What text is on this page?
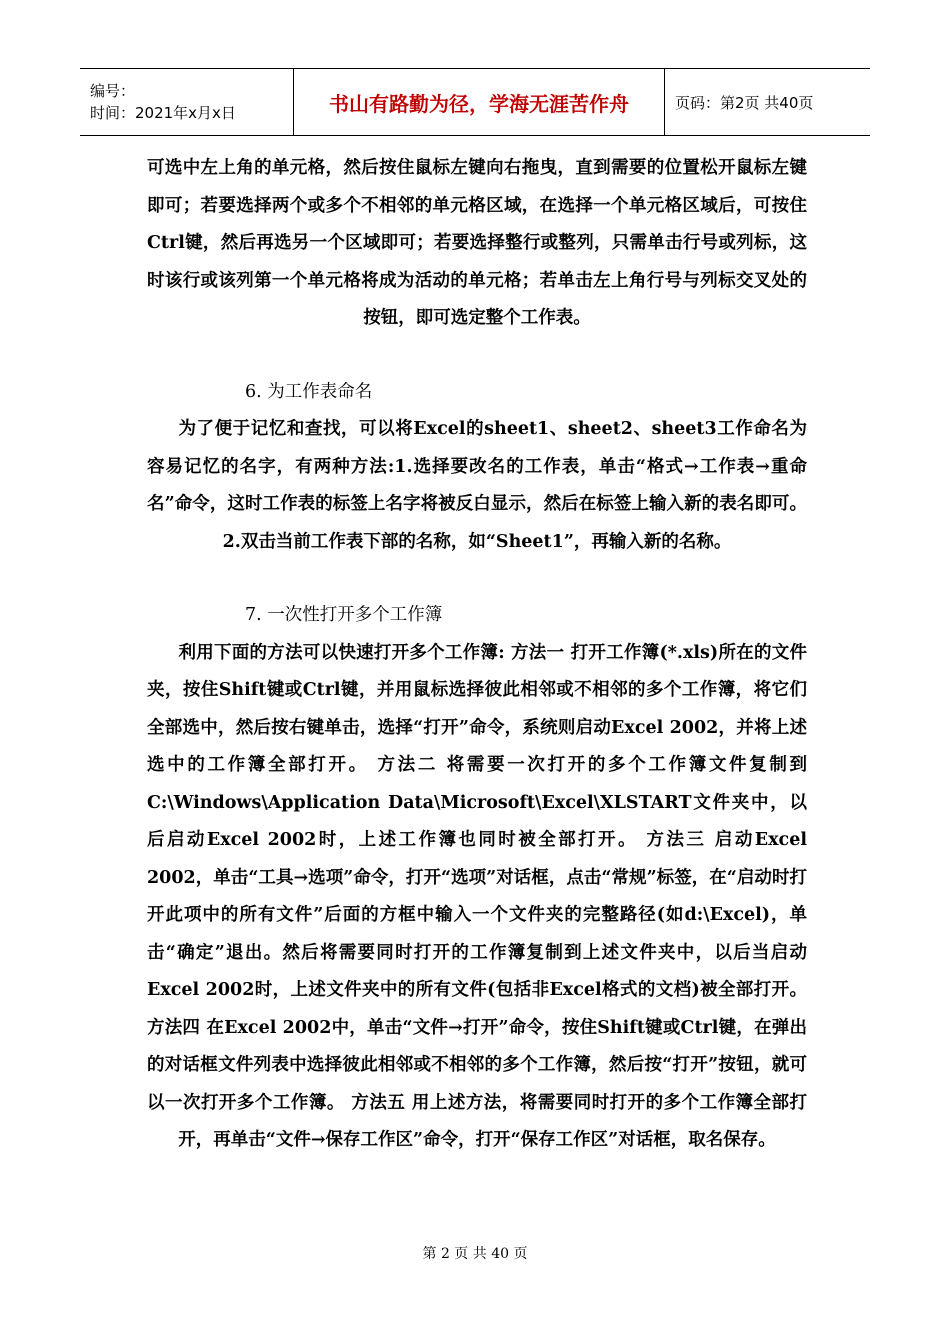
编号：
时间：2021年x月x日	书山有路勤为径，学海无涯苦作舟	页码：第2页 共40页

可选中左上角的单元格，然后按住鼠标左键向右拖曳，直到需要的位置松开鼠标左键即可；若要选择两个或多个不相邻的单元格区域，在选择一个单元格区域后，可按住Ctrl键，然后再选另一个区域即可；若要选择整行或整列，只需单击行号或列标，这时该行或该列第一个单元格将成为活动的单元格；若单击左上角行号与列标交叉处的按钮，即可选定整个工作表。

6. 为工作表命名

为了便于记忆和查找，可以将Excel的sheet1、sheet2、sheet3工作命名为容易记忆的名字，有两种方法:1.选择要改名的工作表，单击“格式→工作表→重命名”命令，这时工作表的标签上名字将被反白显示，然后在标签上输入新的表名即可。 2.双击当前工作表下部的名称，如“Sheet1”，再输入新的名称。

7. 一次性打开多个工作簿

利用下面的方法可以快速打开多个工作簿: 方法一 打开工作簿(*.xls)所在的文件夹，按住Shift键或Ctrl键，并用鼠标选择彼此相邻或不相邻的多个工作簿，将它们全部选中，然后按右键单击，选择“打开”命令，系统则启动Excel 2002，并将上述选中的工作簿全部打开。 方法二 将需要一次打开的多个工作簿文件复制到C:\Windows\Application Data\Microsoft\Excel\XLSTART文件夹中，以后启动Excel 2002时，上述工作簿也同时被全部打开。 方法三 启动Excel 2002，单击“工具→选项”命令，打开“选项”对话框，点击“常规”标签，在“启动时打开此项中的所有文件”后面的方框中输入一个文件夹的完整路径(如d:\Excel)，单击“确定”退出。然后将需要同时打开的工作簿复制到上述文件夹中，以后当启动Excel 2002时，上述文件夹中的所有文件(包括非Excel格式的文档)被全部打开。 方法四 在Excel 2002中，单击“文件→打开”命令，按住Shift键或Ctrl键，在弹出的对话框文件列表中选择彼此相邻或不相邻的多个工作簿，然后按“打开”按钮，就可以一次打开多个工作簿。 方法五 用上述方法，将需要同时打开的多个工作簿全部打开，再单击“文件→保存工作区”命令，打开“保存工作区”对话框，取名保存。

第 2 页 共 40 页
